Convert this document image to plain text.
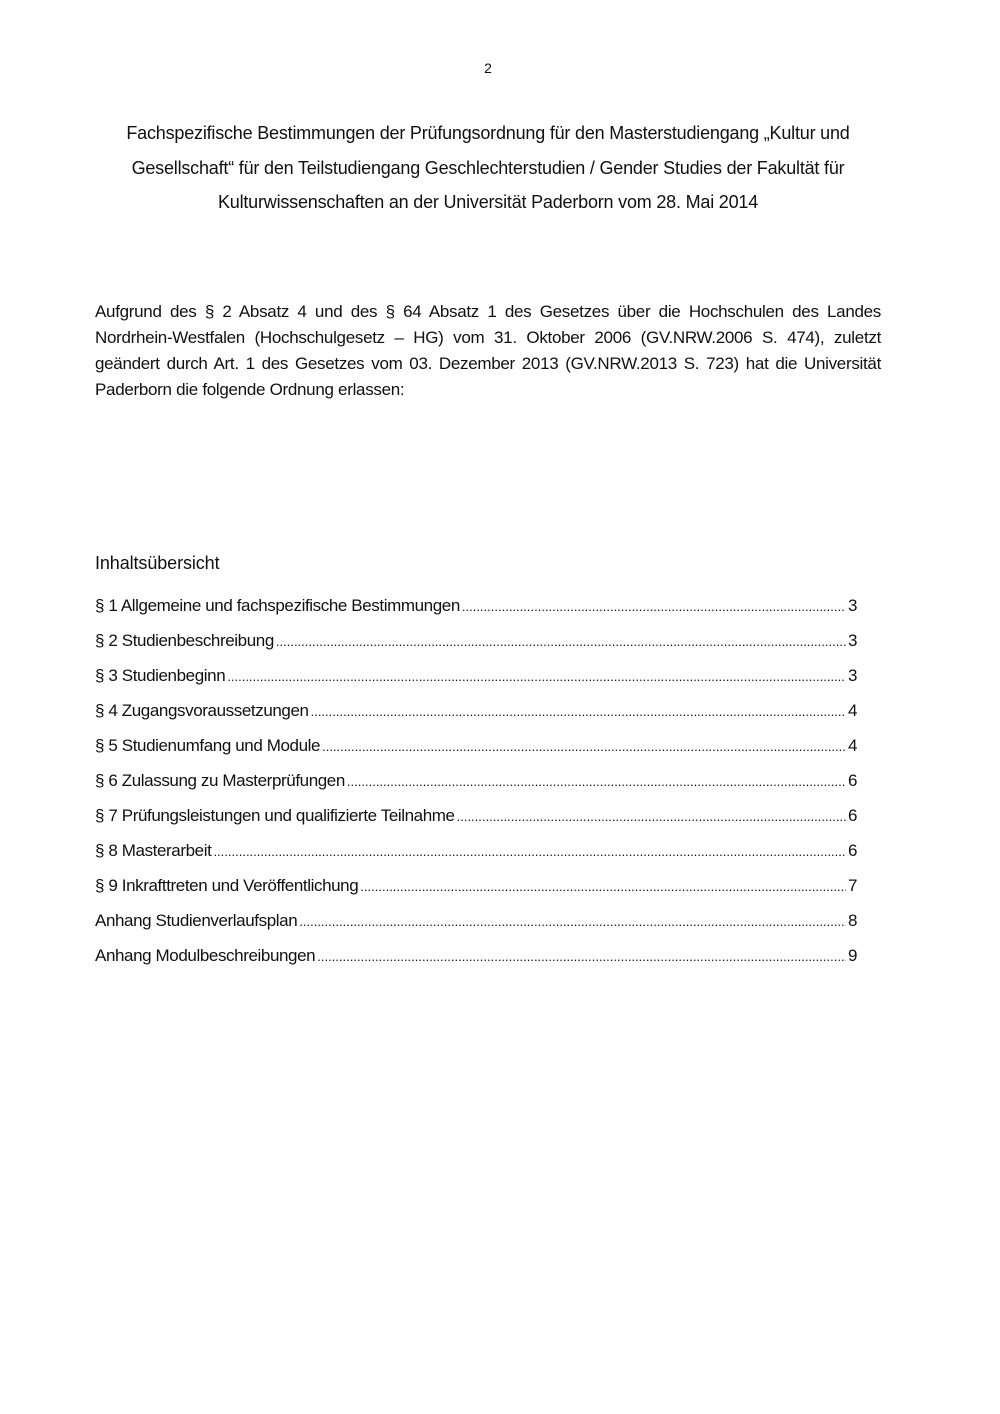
2
Fachspezifische Bestimmungen der Prüfungsordnung für den Masterstudiengang „Kultur und Gesellschaft“ für den Teilstudiengang Geschlechterstudien / Gender Studies der Fakultät für Kulturwissenschaften an der Universität Paderborn vom 28. Mai 2014
Aufgrund des § 2 Absatz 4 und des § 64 Absatz 1 des Gesetzes über die Hochschulen des Landes Nordrhein-Westfalen (Hochschulgesetz – HG) vom 31. Oktober 2006 (GV.NRW.2006 S. 474), zuletzt geändert durch Art. 1 des Gesetzes vom 03. Dezember 2013 (GV.NRW.2013 S. 723) hat die Universität Paderborn die folgende Ordnung erlassen:
Inhaltsübersicht
§ 1 Allgemeine und fachspezifische Bestimmungen .....	3
§ 2 Studienbeschreibung .....	3
§ 3 Studienbeginn .....	3
§ 4 Zugangsvoraussetzungen .....	4
§ 5 Studienumfang und Module .....	4
§ 6 Zulassung zu Masterprüfungen .....	6
§ 7 Prüfungsleistungen und qualifizierte Teilnahme .....	6
§ 8 Masterarbeit .....	6
§ 9 Inkrafttreten und Veröffentlichung .....	7
Anhang Studienverlaufsplan .....	8
Anhang Modulbeschreibungen .....	9
